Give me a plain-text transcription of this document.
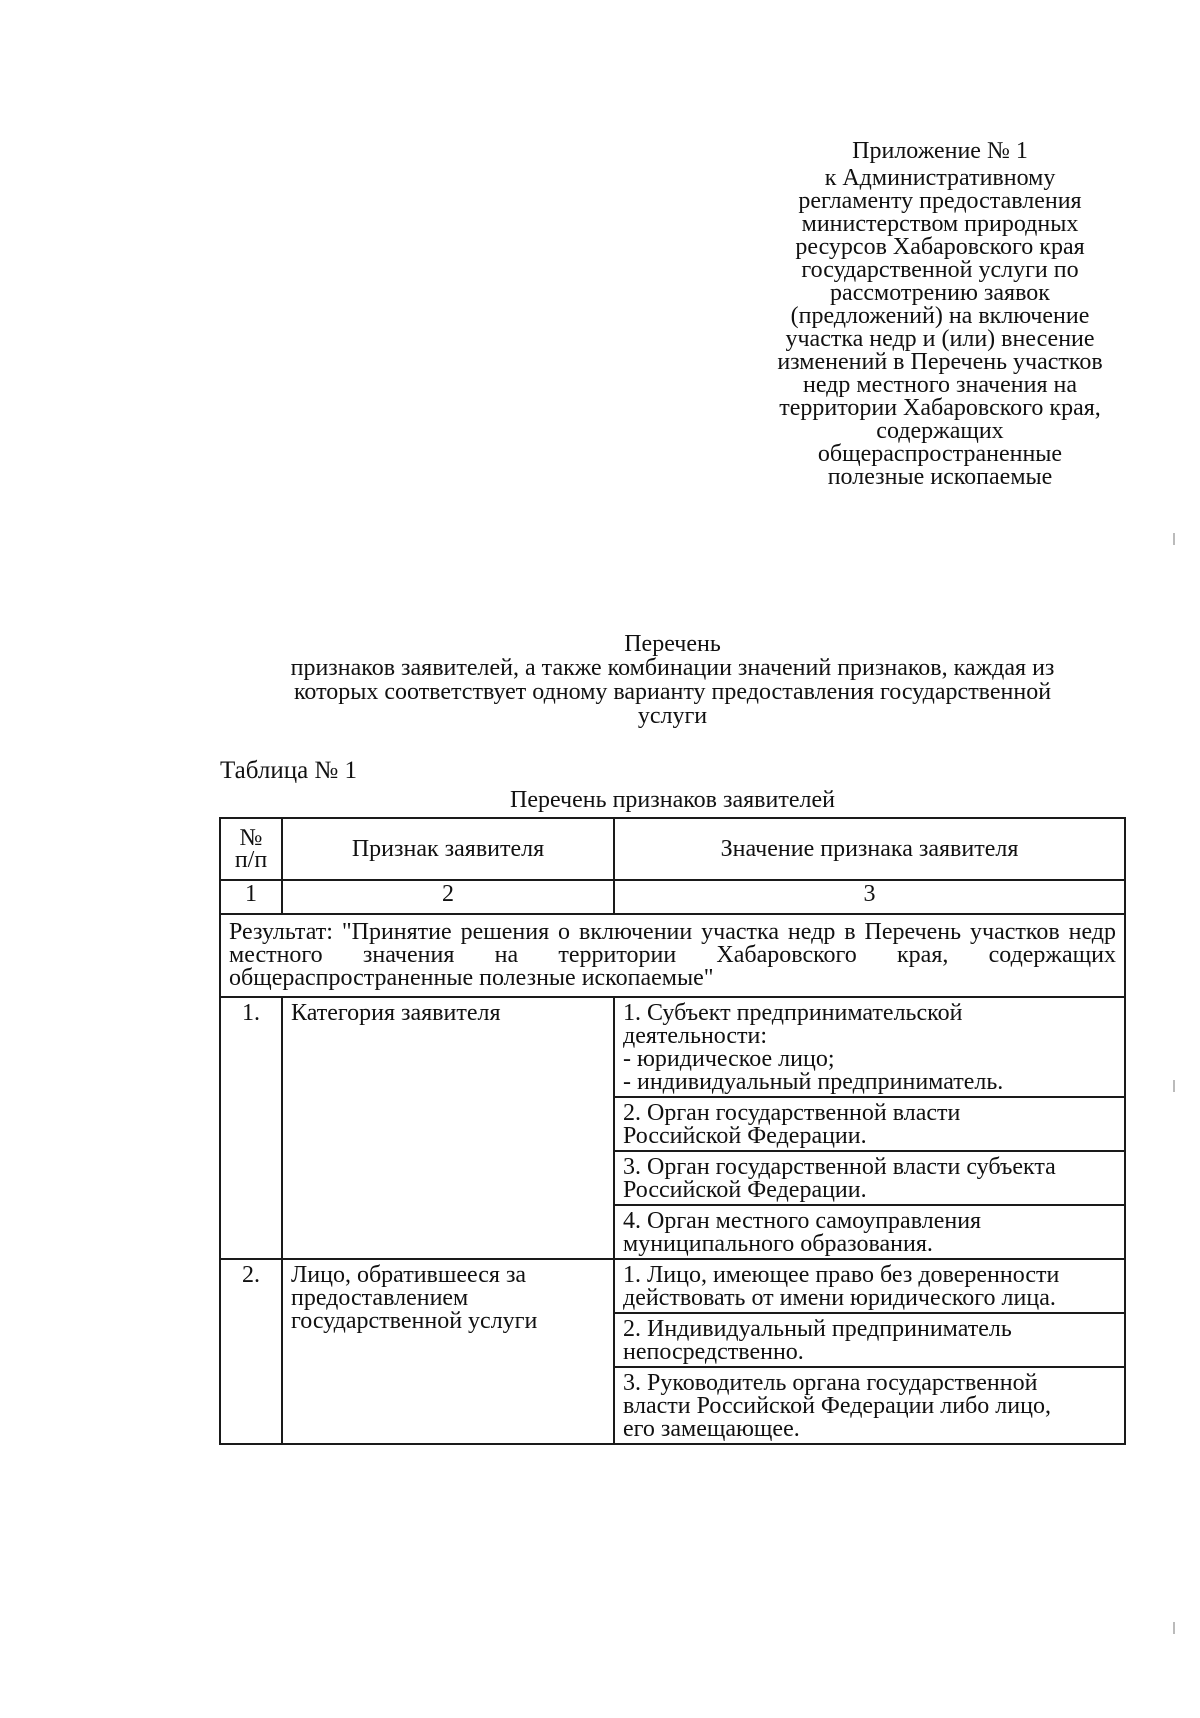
Приложение № 1
к Административному
регламенту предоставления
министерством природных
ресурсов Хабаровского края
государственной услуги по
рассмотрению заявок
(предложений) на включение
участка недр и (или) внесение
изменений в Перечень участков
недр местного значения на
территории Хабаровского края,
содержащих
общераспространенные
полезные ископаемые
Перечень
признаков заявителей, а также комбинации значений признаков, каждая из
которых соответствует одному варианту предоставления государственной
услуги
Таблица № 1
Перечень признаков заявителей
№
п/п	Признак заявителя	Значение признака заявителя
1	2	3
Результат: "Принятие решения о включении участка недр в Перечень участков недр местного значения на территории Хабаровского края, содержащих общераспространенные полезные ископаемые"		
1.	Категория заявителя	1. Субъект предпринимательской
деятельности:
- юридическое лицо;
- индивидуальный предприниматель.

		2. Орган государственной власти
Российской Федерации.

		3. Орган государственной власти субъекта
Российской Федерации.

		4. Орган местного самоуправления
муниципального образования.

2.	Лицо, обратившееся за предоставлением государственной услуги	1. Лицо, имеющее право без доверенности
действовать от имени юридического лица.

		2. Индивидуальный предприниматель
непосредственно.

		3. Руководитель органа государственной
власти Российской Федерации либо лицо,
его замещающее.
